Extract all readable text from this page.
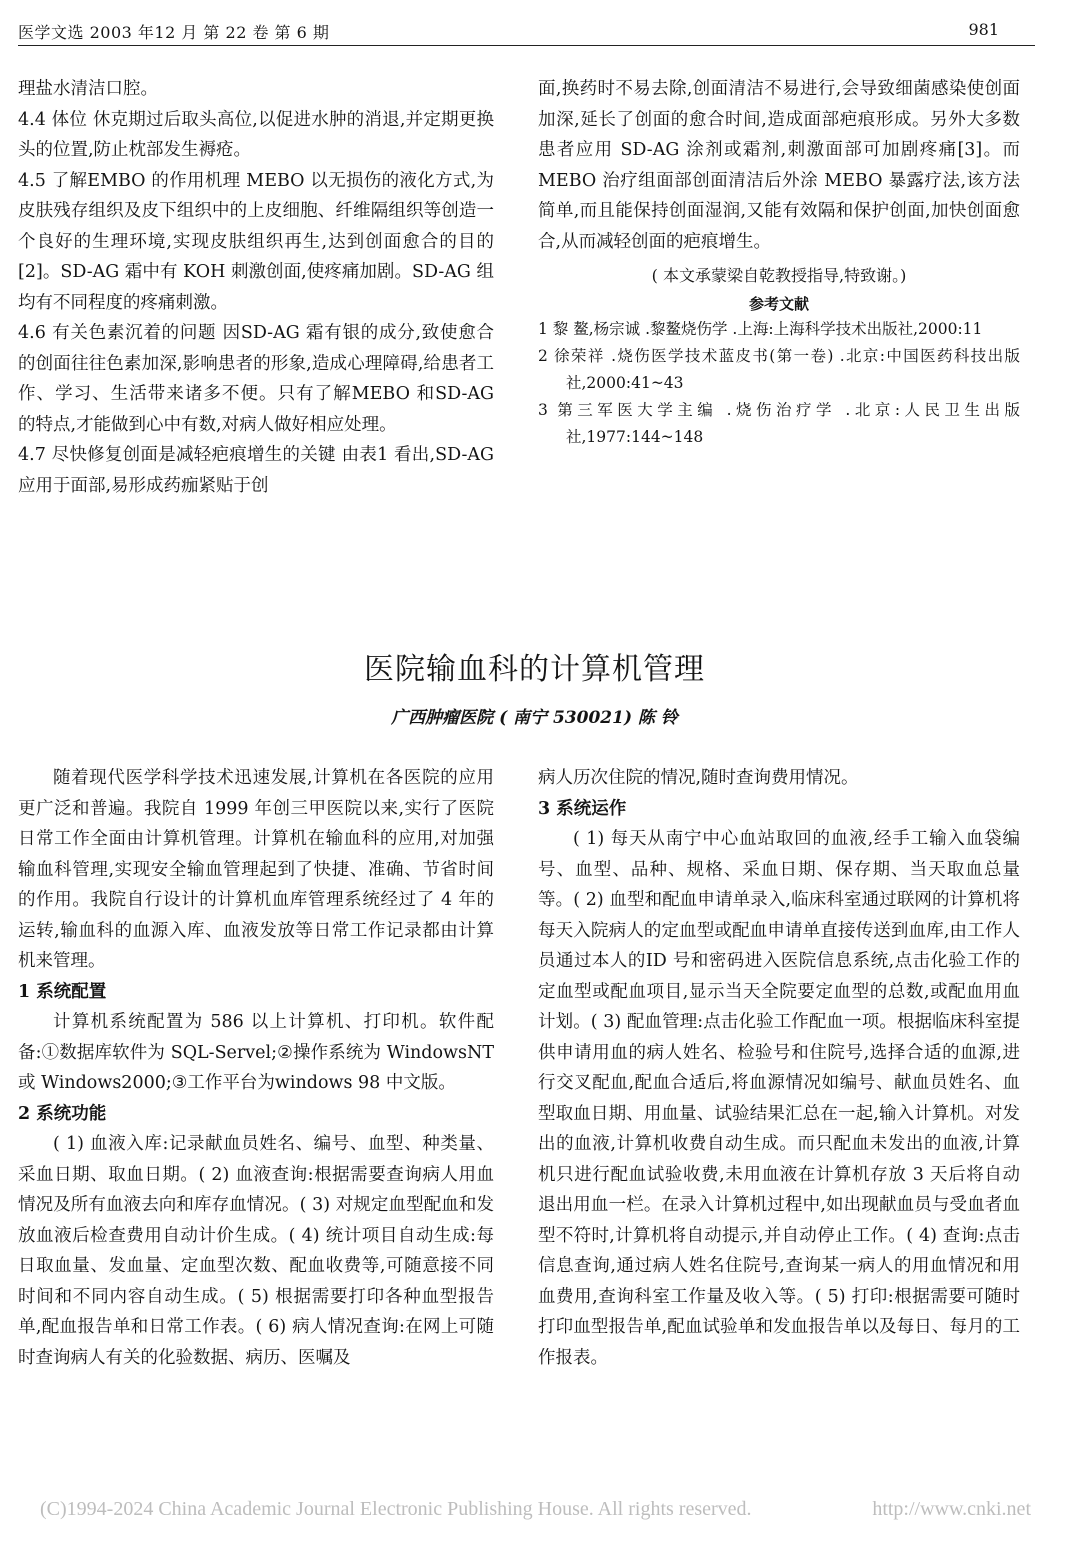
医学文选 2003 年12 月 第 22 卷 第 6 期	981

理盐水清洁口腔。

4.4 体位 休克期过后取头高位,以促进水肿的消退,并定期更换头的位置,防止枕部发生褥疮。

4.5 了解EMBO 的作用机理 MEBO 以无损伤的液化方式,为皮肤残存组织及皮下组织中的上皮细胞、纤维隔组织等创造一个良好的生理环境,实现皮肤组织再生,达到创面愈合的目的[2]。SD-AG 霜中有 KOH 刺激创面,使疼痛加剧。SD-AG 组均有不同程度的疼痛刺激。

4.6 有关色素沉着的问题 因SD-AG 霜有银的成分,致使愈合的创面往往色素加深,影响患者的形象,造成心理障碍,给患者工作、学习、生活带来诸多不便。只有了解MEBO 和SD-AG 的特点,才能做到心中有数,对病人做好相应处理。

4.7 尽快修复创面是减轻疤痕增生的关键 由表1 看出,SD-AG 应用于面部,易形成药痂紧贴于创

面,换药时不易去除,创面清洁不易进行,会导致细菌感染使创面加深,延长了创面的愈合时间,造成面部疤痕形成。另外大多数患者应用 SD-AG 涂剂或霜剂,刺激面部可加剧疼痛[3]。而 MEBO 治疗组面部创面清洁后外涂 MEBO 暴露疗法,该方法简单,而且能保持创面湿润,又能有效隔和保护创面,加快创面愈合,从而减轻创面的疤痕增生。

( 本文承蒙梁自乾教授指导,特致谢。)

参考文献

1 黎 鳌,杨宗诚 .黎鳌烧伤学 .上海:上海科学技术出版社,2000:11

2 徐荣祥 .烧伤医学技术蓝皮书(第一卷) .北京:中国医药科技出版社,2000:41~43

3 第三军医大学主编 .烧伤治疗学 .北京:人民卫生出版社,1977:144~148

医院输血科的计算机管理
广西肿瘤医院 ( 南宁 530021) 陈 铃

随着现代医学科学技术迅速发展,计算机在各医院的应用更广泛和普遍。我院自 1999 年创三甲医院以来,实行了医院日常工作全面由计算机管理。计算机在输血科的应用,对加强输血科管理,实现安全输血管理起到了快捷、准确、节省时间的作用。我院自行设计的计算机血库管理系统经过了 4 年的运转,输血科的血源入库、血液发放等日常工作记录都由计算机来管理。

1 系统配置

计算机系统配置为 586 以上计算机、打印机。软件配备:①数据库软件为 SQL-Servel;②操作系统为 WindowsNT 或 Windows2000;③工作平台为windows 98 中文版。

2 系统功能

( 1) 血液入库:记录献血员姓名、编号、血型、种类量、采血日期、取血日期。( 2) 血液查询:根据需要查询病人用血情况及所有血液去向和库存血情况。( 3) 对规定血型配血和发放血液后检查费用自动计价生成。( 4) 统计项目自动生成:每日取血量、发血量、定血型次数、配血收费等,可随意接不同时间和不同内容自动生成。( 5) 根据需要打印各种血型报告单,配血报告单和日常工作表。( 6) 病人情况查询:在网上可随时查询病人有关的化验数据、病历、医嘱及

病人历次住院的情况,随时查询费用情况。

3 系统运作

( 1) 每天从南宁中心血站取回的血液,经手工输入血袋编号、血型、品种、规格、采血日期、保存期、当天取血总量等。( 2) 血型和配血申请单录入,临床科室通过联网的计算机将每天入院病人的定血型或配血申请单直接传送到血库,由工作人员通过本人的ID 号和密码进入医院信息系统,点击化验工作的定血型或配血项目,显示当天全院要定血型的总数,或配血用血计划。( 3) 配血管理:点击化验工作配血一项。根据临床科室提供申请用血的病人姓名、检验号和住院号,选择合适的血源,进行交叉配血,配血合适后,将血源情况如编号、献血员姓名、血型取血日期、用血量、试验结果汇总在一起,输入计算机。对发出的血液,计算机收费自动生成。而只配血未发出的血液,计算机只进行配血试验收费,未用血液在计算机存放 3 天后将自动退出用血一栏。在录入计算机过程中,如出现献血员与受血者血型不符时,计算机将自动提示,并自动停止工作。( 4) 查询:点击信息查询,通过病人姓名住院号,查询某一病人的用血情况和用血费用,查询科室工作量及收入等。( 5) 打印:根据需要可随时打印血型报告单,配血试验单和发血报告单以及每日、每月的工作报表。

(C)1994-2024 China Academic Journal Electronic Publishing House. All rights reserved.	http://www.cnki.net
